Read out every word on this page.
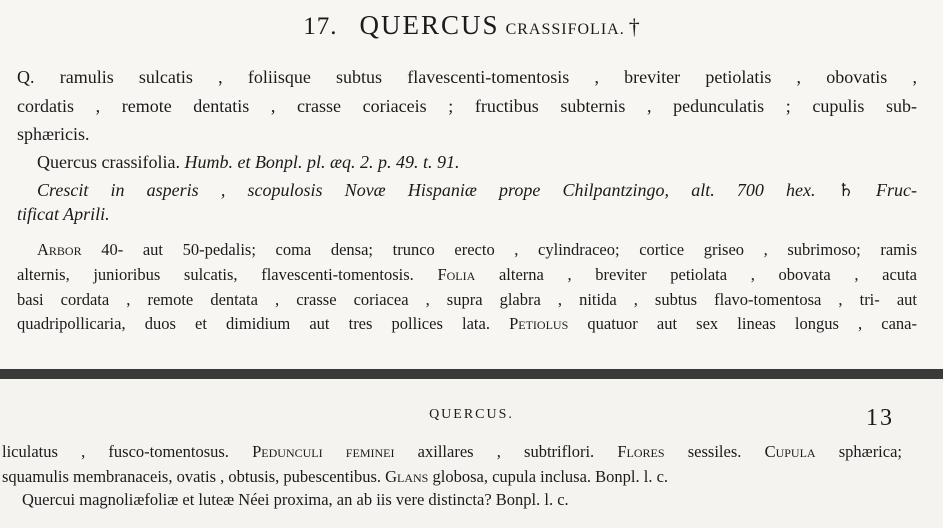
17. QUERCUS CRASSIFOLIA. †
Q. ramulis sulcatis , foliisque subtus flavescenti-tomentosis , breviter petiolatis , obovatis ,
cordatis , remote dentatis , crasse coriaceis ; fructibus subternis , pedunculatis ; cupulis sub-
sphæricis.
Quercus crassifolia. Humb. et Bonpl. pl. æq. 2. p. 49. t. 91.
Crescit in asperis , scopulosis Novæ Hispaniæ prope Chilpantzingo, alt. 700 hex. ♄ Fruc-
tificat Aprili.
Arbor 40- aut 50-pedalis; coma densa; trunco erecto , cylindraceo; cortice griseo , subrimoso; ramis
alternis, junioribus sulcatis, flavescenti-tomentosis. Folia alterna , breviter petiolata , obovata , acuta
basi cordata , remote dentata , crasse coriacea , supra glabra , nitida , subtus flavo-tomentosa , tri- aut
quadripollicaria, duos et dimidium aut tres pollices lata. Petiolus quatuor aut sex lineas longus , cana-
QUERCUS.	13
liculatus , fusco-tomentosus. Pedunculi feminei axillares , subtriflori. Flores sessiles. Cupula sphærica;
squamulis membranaceis, ovatis , obtusis, pubescentibus. Glans globosa, cupula inclusa. Bonpl. l. c.
Quercui magnoliæfoliæ et luteæ Néei proxima, an ab iis vere distincta? Bonpl. l. c.
